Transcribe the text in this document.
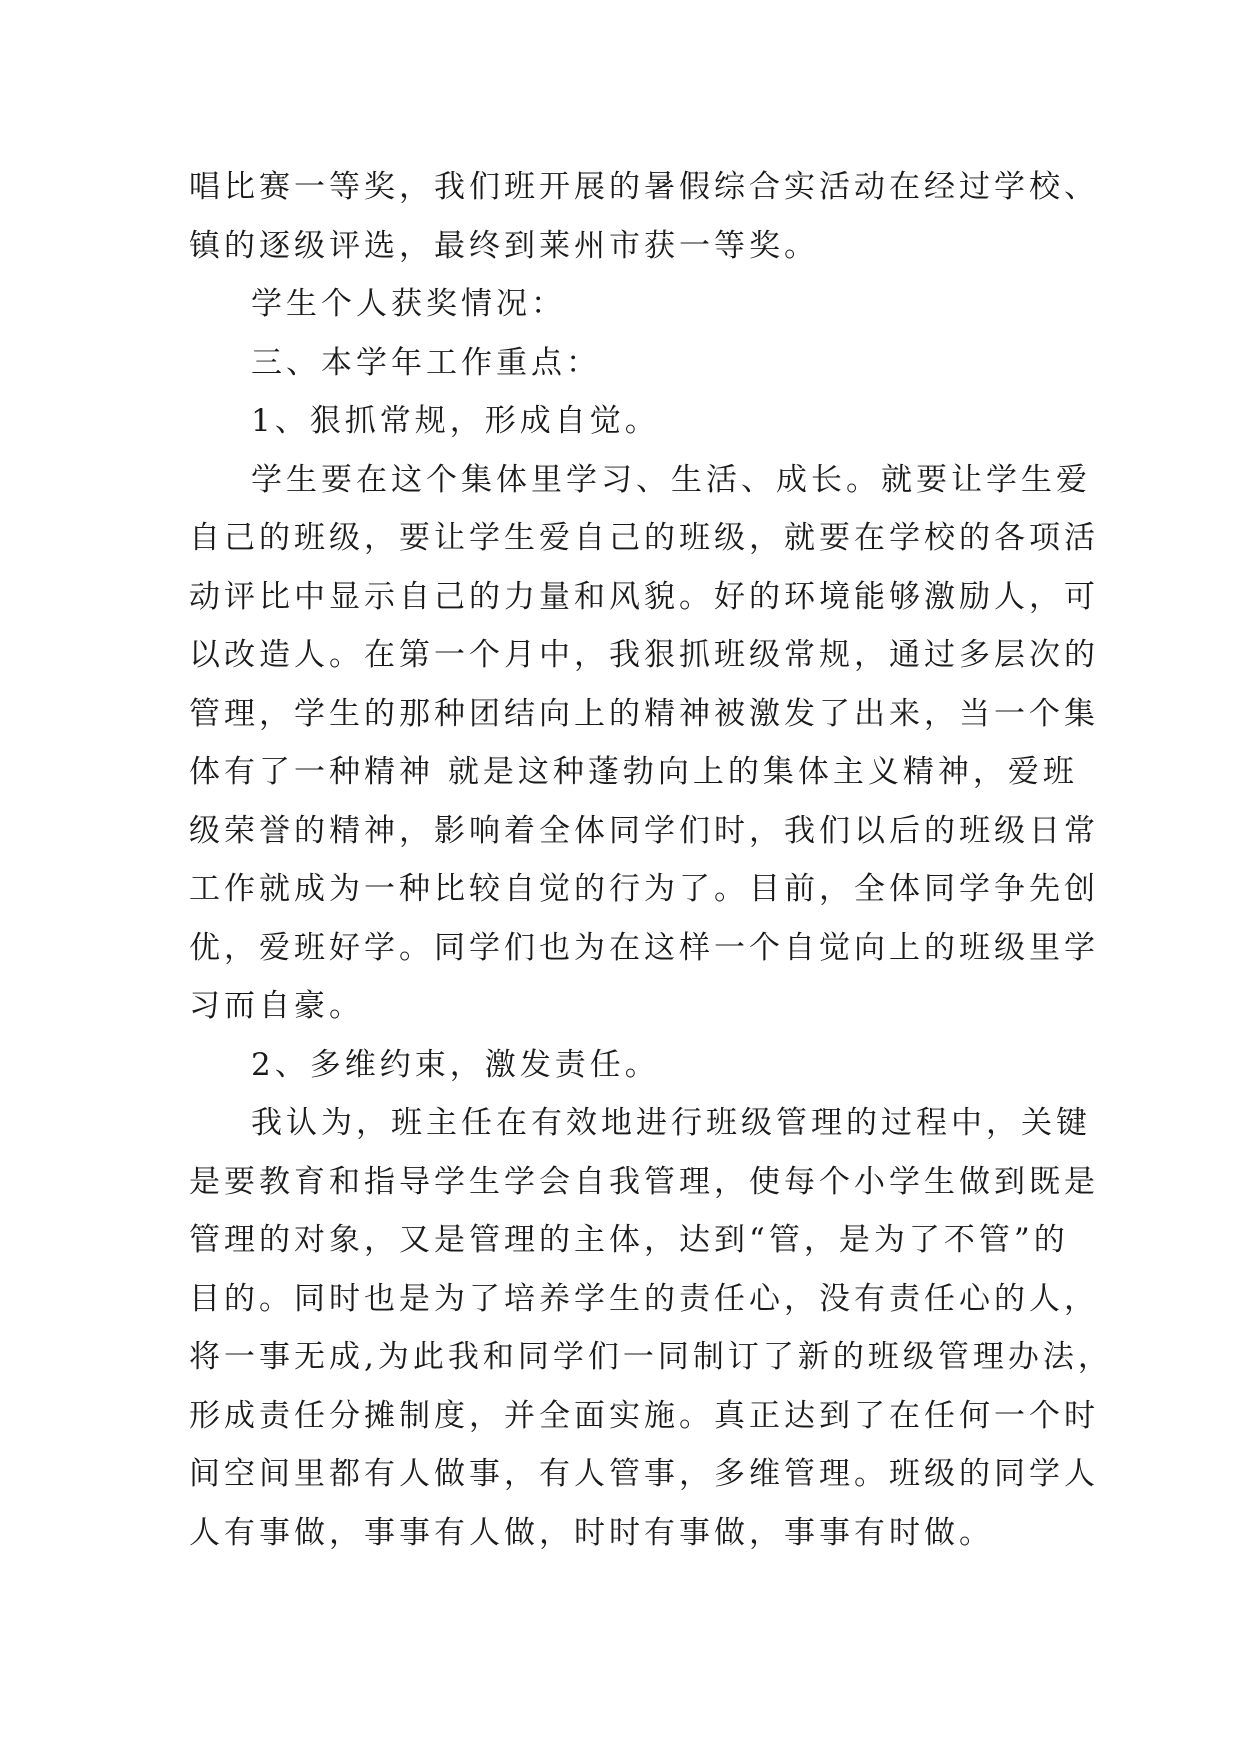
唱比赛一等奖，我们班开展的暑假综合实活动在经过学校、
镇的逐级评选，最终到莱州市获一等奖。
学生个人获奖情况：
三、本学年工作重点：
1、狠抓常规，形成自觉。
学生要在这个集体里学习、生活、成长。就要让学生爱
自己的班级，要让学生爱自己的班级，就要在学校的各项活
动评比中显示自己的力量和风貌。好的环境能够激励人，可
以改造人。在第一个月中，我狠抓班级常规，通过多层次的
管理，学生的那种团结向上的精神被激发了出来，当一个集
体有了一种精神 就是这种蓬勃向上的集体主义精神，爱班
级荣誉的精神，影响着全体同学们时，我们以后的班级日常
工作就成为一种比较自觉的行为了。目前，全体同学争先创
优，爱班好学。同学们也为在这样一个自觉向上的班级里学
习而自豪。
2、多维约束，激发责任。
我认为，班主任在有效地进行班级管理的过程中，关键
是要教育和指导学生学会自我管理，使每个小学生做到既是
管理的对象，又是管理的主体，达到“管，是为了不管”的
目的。同时也是为了培养学生的责任心，没有责任心的人，
将一事无成,为此我和同学们一同制订了新的班级管理办法，
形成责任分摊制度，并全面实施。真正达到了在任何一个时
间空间里都有人做事，有人管事，多维管理。班级的同学人
人有事做，事事有人做，时时有事做，事事有时做。
